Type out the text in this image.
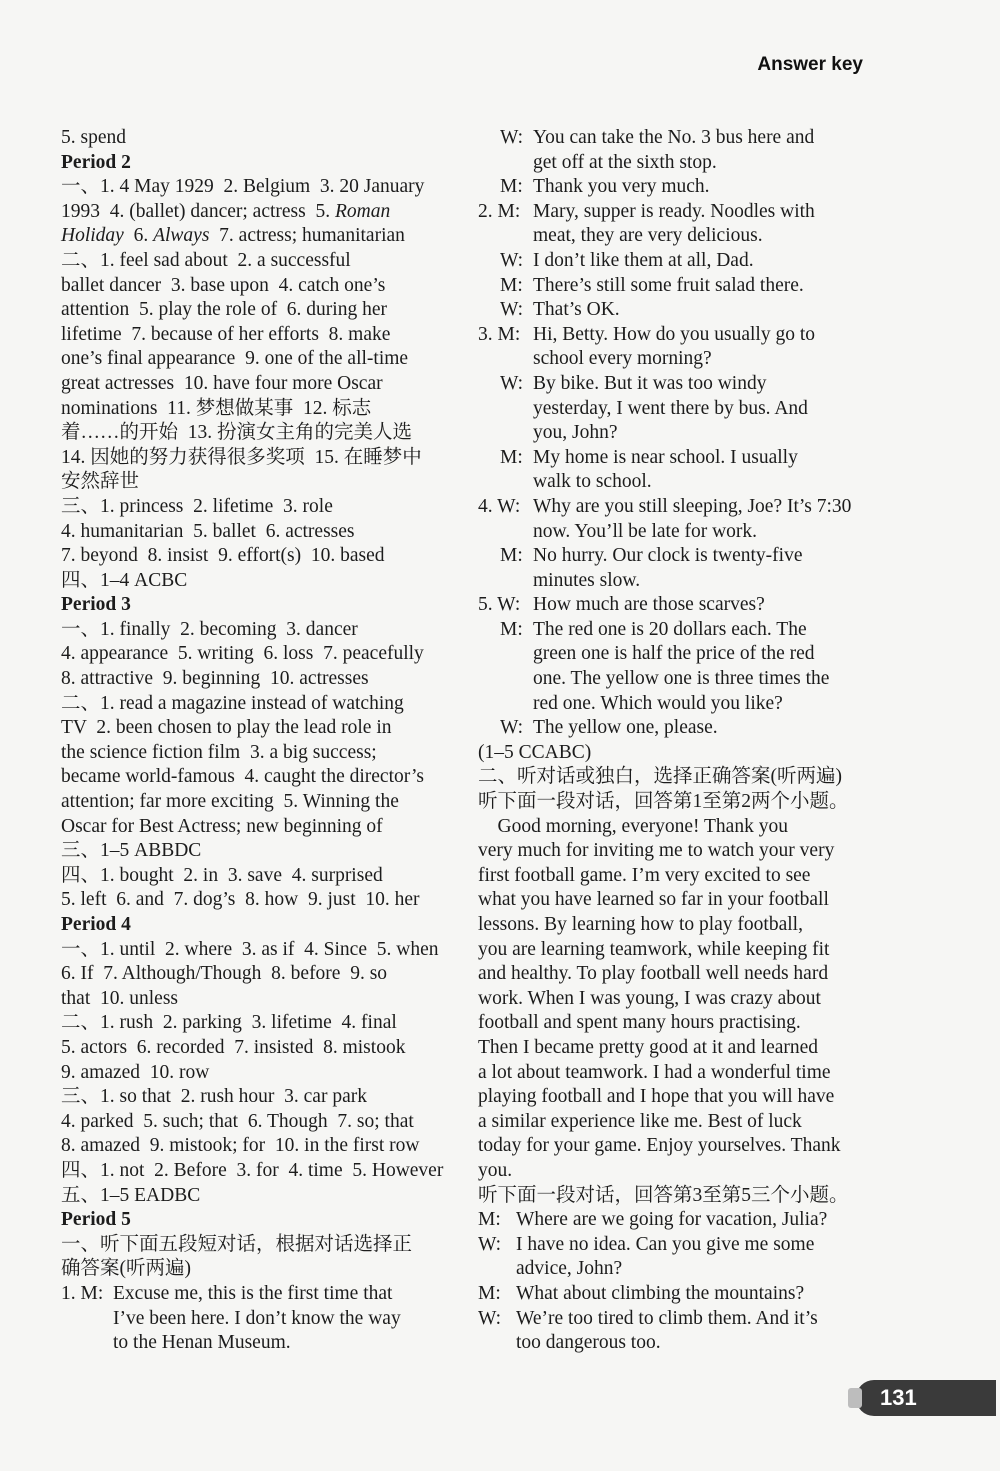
Answer key
5. spend
Period 2
一、1. 4 May 1929  2. Belgium  3. 20 January
1993  4. (ballet) dancer; actress  5. Roman
Holiday  6. Always  7. actress; humanitarian
二、1. feel sad about  2. a successful
ballet dancer  3. base upon  4. catch one’s
attention  5. play the role of  6. during her
lifetime  7. because of her efforts  8. make
one’s final appearance  9. one of the all-time
great actresses  10. have four more Oscar
nominations  11. 梦想做某事  12. 标志
着……的开始  13. 扮演女主角的完美人选
14. 因她的努力获得很多奖项  15. 在睡梦中
安然辞世
三、1. princess  2. lifetime  3. role
4. humanitarian  5. ballet  6. actresses
7. beyond  8. insist  9. effort(s)  10. based
四、1–4 ACBC
Period 3
一、1. finally  2. becoming  3. dancer
4. appearance  5. writing  6. loss  7. peacefully
8. attractive  9. beginning  10. actresses
二、1. read a magazine instead of watching
TV  2. been chosen to play the lead role in
the science fiction film  3. a big success;
became world-famous  4. caught the director’s
attention; far more exciting  5. Winning the
Oscar for Best Actress; new beginning of
三、1–5 ABBDC
四、1. bought  2. in  3. save  4. surprised
5. left  6. and  7. dog’s  8. how  9. just  10. her
Period 4
一、1. until  2. where  3. as if  4. Since  5. when
6. If  7. Although/Though  8. before  9. so
that  10. unless
二、1. rush  2. parking  3. lifetime  4. final
5. actors  6. recorded  7. insisted  8. mistook
9. amazed  10. row
三、1. so that  2. rush hour  3. car park
4. parked  5. such; that  6. Though  7. so; that
8. amazed  9. mistook; for  10. in the first row
四、1. not  2. Before  3. for  4. time  5. However
五、1–5 EADBC
Period 5
一、听下面五段短对话，根据对话选择正
确答案(听两遍)
1. M:  Excuse me, this is the first time that
I’ve been here. I don’t know the way
to the Henan Museum.
W: You can take the No. 3 bus here and
get off at the sixth stop.
M: Thank you very much.
2. M: Mary, supper is ready. Noodles with
meat, they are very delicious.
W: I don’t like them at all, Dad.
M: There’s still some fruit salad there.
W: That’s OK.
3. M: Hi, Betty. How do you usually go to
school every morning?
W: By bike. But it was too windy
yesterday, I went there by bus. And
you, John?
M: My home is near school. I usually
walk to school.
4. W: Why are you still sleeping, Joe? It’s 7:30
now. You’ll be late for work.
M: No hurry. Our clock is twenty-five
minutes slow.
5. W: How much are those scarves?
M: The red one is 20 dollars each. The
green one is half the price of the red
one. The yellow one is three times the
red one. Which would you like?
W: The yellow one, please.
(1–5 CCABC)
二、听对话或独白，选择正确答案(听两遍)
听下面一段对话，回答第1至第2两个小题。
Good morning, everyone! Thank you
very much for inviting me to watch your very
first football game. I’m very excited to see
what you have learned so far in your football
lessons. By learning how to play football,
you are learning teamwork, while keeping fit
and healthy. To play football well needs hard
work. When I was young, I was crazy about
football and spent many hours practising.
Then I became pretty good at it and learned
a lot about teamwork. I had a wonderful time
playing football and I hope that you will have
a similar experience like me. Best of luck
today for your game. Enjoy yourselves. Thank
you.
听下面一段对话，回答第3至第5三个小题。
M: Where are we going for vacation, Julia?
W: I have no idea. Can you give me some
advice, John?
M: What about climbing the mountains?
W: We’re too tired to climb them. And it’s
too dangerous too.
131
